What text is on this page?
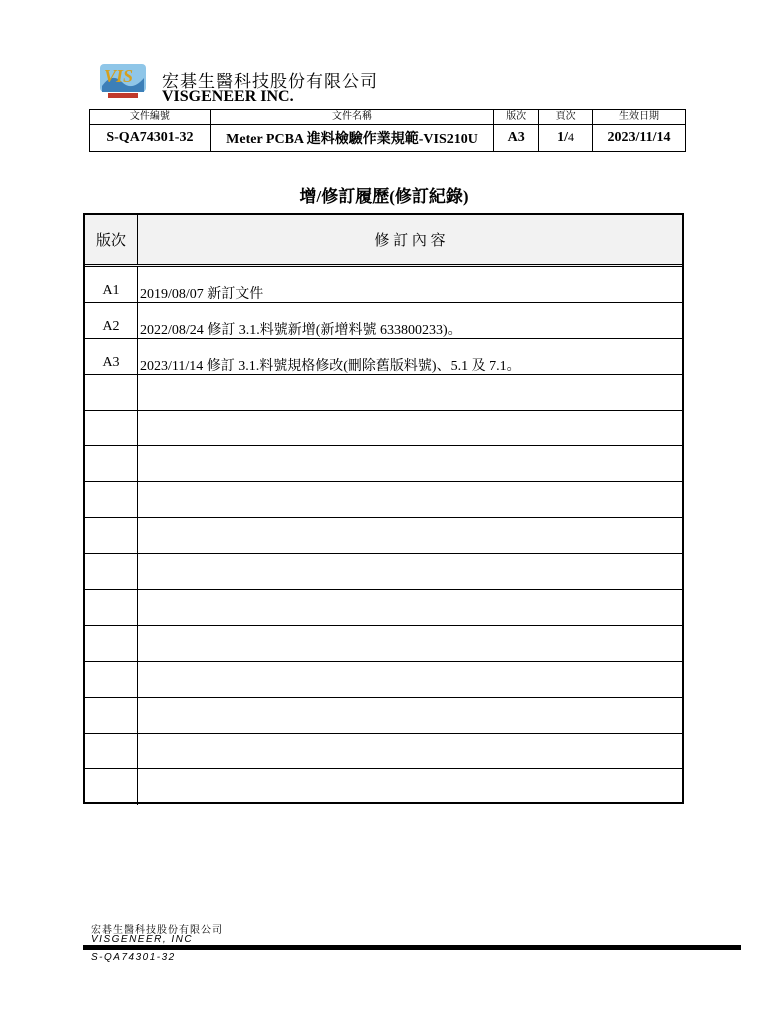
VIS 宏碁生醫科技股份有限公司
VISGENEER INC.
文件編號	文件名稱	版次	頁次	生效日期
S-QA74301-32	Meter PCBA 進料檢驗作業規範-VIS210U	A3	1/4	2023/11/14
增/修訂履歷(修訂紀錄)
版次	修 訂 內 容
A1	2019/08/07 新訂文件
A2	2022/08/24 修訂 3.1.料號新增(新增料號 633800233)。
A3	2023/11/14 修訂 3.1.料號規格修改(刪除舊版料號)、5.1 及 7.1。
宏碁生醫科技股份有限公司
VISGENEER, INC
S-QA74301-32
